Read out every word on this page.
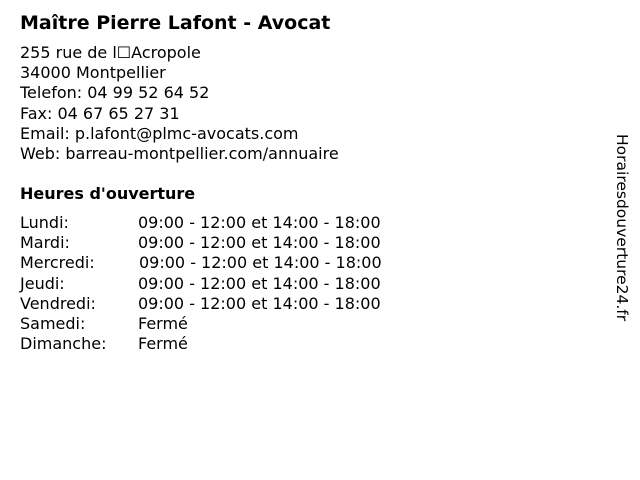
Maître Pierre Lafont - Avocat
255 rue de l☐Acropole
34000 Montpellier
Telefon: 04 99 52 64 52
Fax: 04 67 65 27 31
Email: p.lafont@plmc-avocats.com
Web: barreau-montpellier.com/annuaire
Heures d'ouverture
Lundi:	09:00 - 12:00 et 14:00 - 18:00
Mardi:	09:00 - 12:00 et 14:00 - 18:00
Mercredi:	09:00 - 12:00 et 14:00 - 18:00
Jeudi:	09:00 - 12:00 et 14:00 - 18:00
Vendredi:	09:00 - 12:00 et 14:00 - 18:00
Samedi:	Fermé
Dimanche: Fermé
Horairesdouverture24.fr
